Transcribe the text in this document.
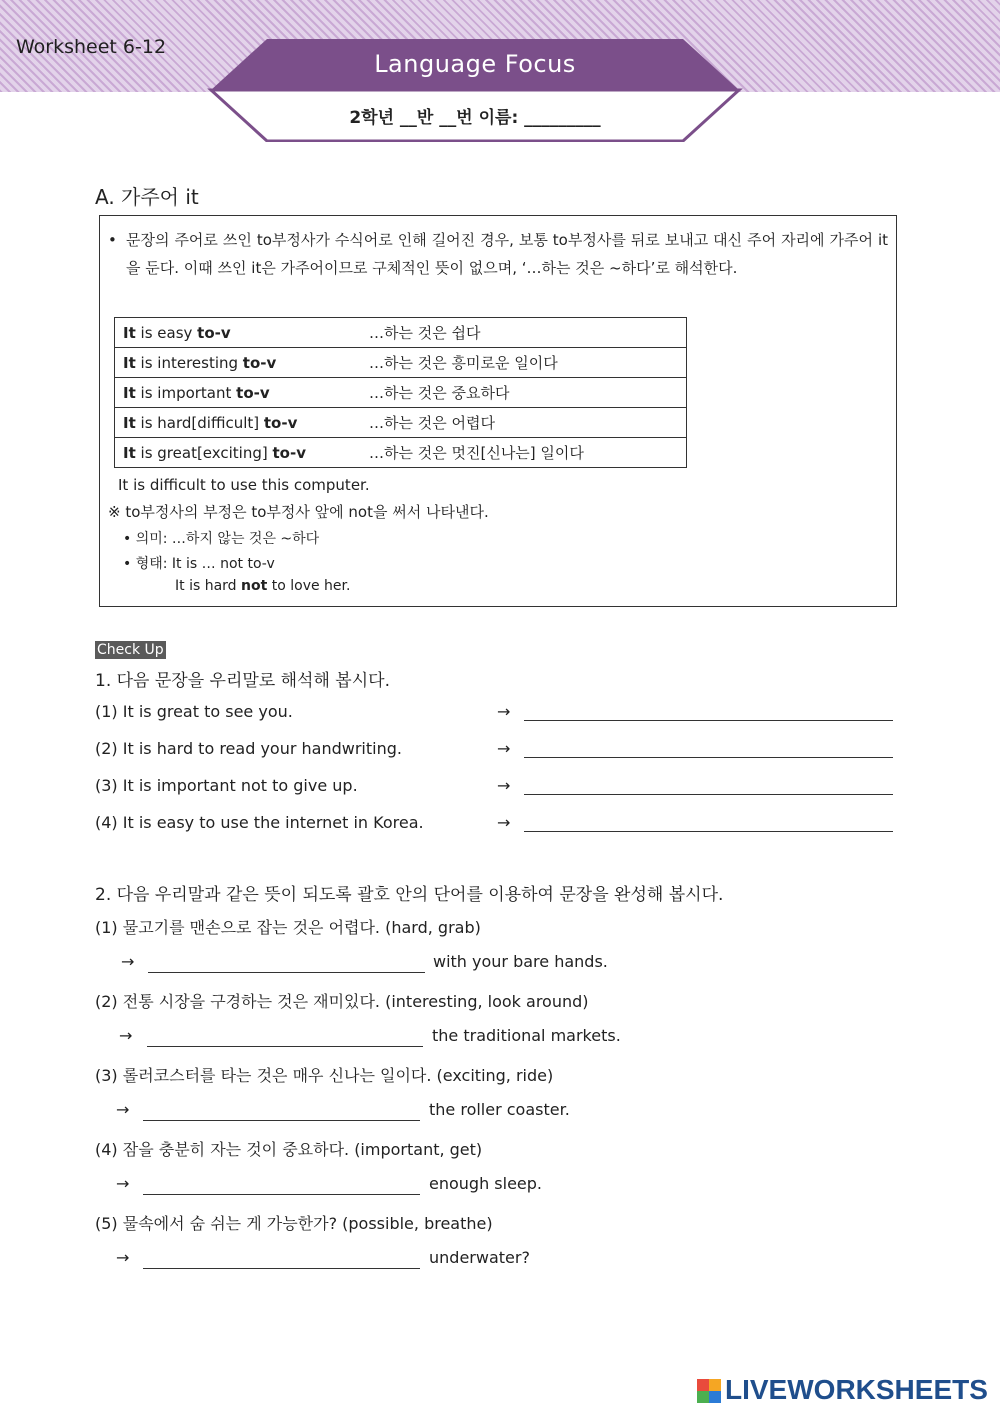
Worksheet 6-12
Language Focus
2학년 __반 __번 이름: _________
A. 가주어 it
• 문장의 주어로 쓰인 to부정사가 수식어로 인해 길어진 경우, 보통 to부정사를 뒤로 보내고 대신 주어 자리에 가주어 it을 둔다. 이때 쓰인 it은 가주어이므로 구체적인 뜻이 없으며, ‘…하는 것은 ~하다’로 해석한다.
It is easy to-v	…하는 것은 쉽다
It is interesting to-v	…하는 것은 흥미로운 일이다
It is important to-v	…하는 것은 중요하다
It is hard[difficult] to-v	…하는 것은 어렵다
It is great[exciting] to-v	…하는 것은 멋진[신나는] 일이다
It is difficult to use this computer.
※ to부정사의 부정은 to부정사 앞에 not을 써서 나타낸다.
• 의미: …하지 않는 것은 ~하다
• 형태: It is … not to-v
It is hard not to love her.
Check Up
1. 다음 문장을 우리말로 해석해 봅시다.
(1) It is great to see you.	→
(2) It is hard to read your handwriting.	→
(3) It is important not to give up.	→
(4) It is easy to use the internet in Korea.	→
2. 다음 우리말과 같은 뜻이 되도록 괄호 안의 단어를 이용하여 문장을 완성해 봅시다.
(1) 물고기를 맨손으로 잡는 것은 어렵다. (hard, grab)
→	with your bare hands.
(2) 전통 시장을 구경하는 것은 재미있다. (interesting, look around)
→	the traditional markets.
(3) 롤러코스터를 타는 것은 매우 신나는 일이다. (exciting, ride)
→	the roller coaster.
(4) 잠을 충분히 자는 것이 중요하다. (important, get)
→	enough sleep.
(5) 물속에서 숨 쉬는 게 가능한가? (possible, breathe)
→	underwater?
LIVEWORKSHEETS
